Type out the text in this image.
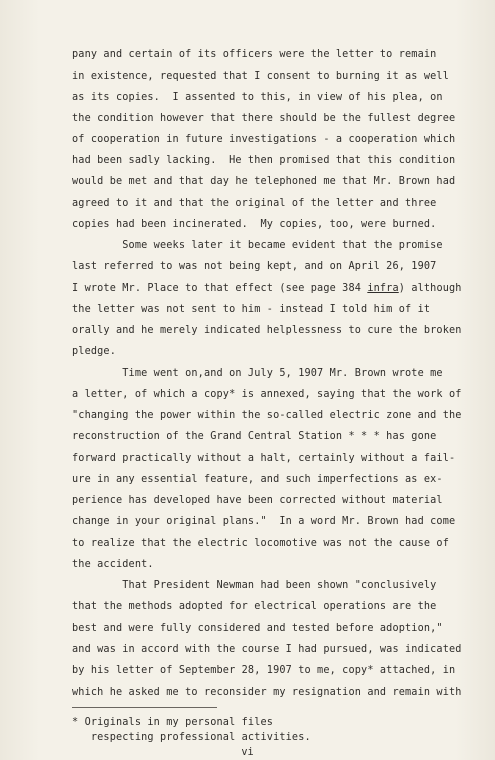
pany and certain of its officers were the letter to remain
in existence, requested that I consent to burning it as well
as its copies.  I assented to this, in view of his plea, on
the condition however that there should be the fullest degree
of cooperation in future investigations - a cooperation which
had been sadly lacking.  He then promised that this condition
would be met and that day he telephoned me that Mr. Brown had
agreed to it and that the original of the letter and three
copies had been incinerated.  My copies, too, were burned.
Some weeks later it became evident that the promise
last referred to was not being kept, and on April 26, 1907
I wrote Mr. Place to that effect (see page 384 infra) although
the letter was not sent to him - instead I told him of it
orally and he merely indicated helplessness to cure the broken
pledge.
Time went on,and on July 5, 1907 Mr. Brown wrote me
a letter, of which a copy* is annexed, saying that the work of
"changing the power within the so-called electric zone and the
reconstruction of the Grand Central Station * * * has gone
forward practically without a halt, certainly without a fail-
ure in any essential feature, and such imperfections as ex-
perience has developed have been corrected without material
change in your original plans."  In a word Mr. Brown had come
to realize that the electric locomotive was not the cause of
the accident.
That President Newman had been shown "conclusively
that the methods adopted for electrical operations are the
best and were fully considered and tested before adoption,"
and was in accord with the course I had pursued, was indicated
by his letter of September 28, 1907 to me, copy* attached, in
which he asked me to reconsider my resignation and remain with
* Originals in my personal files
respecting professional activities.
vi
